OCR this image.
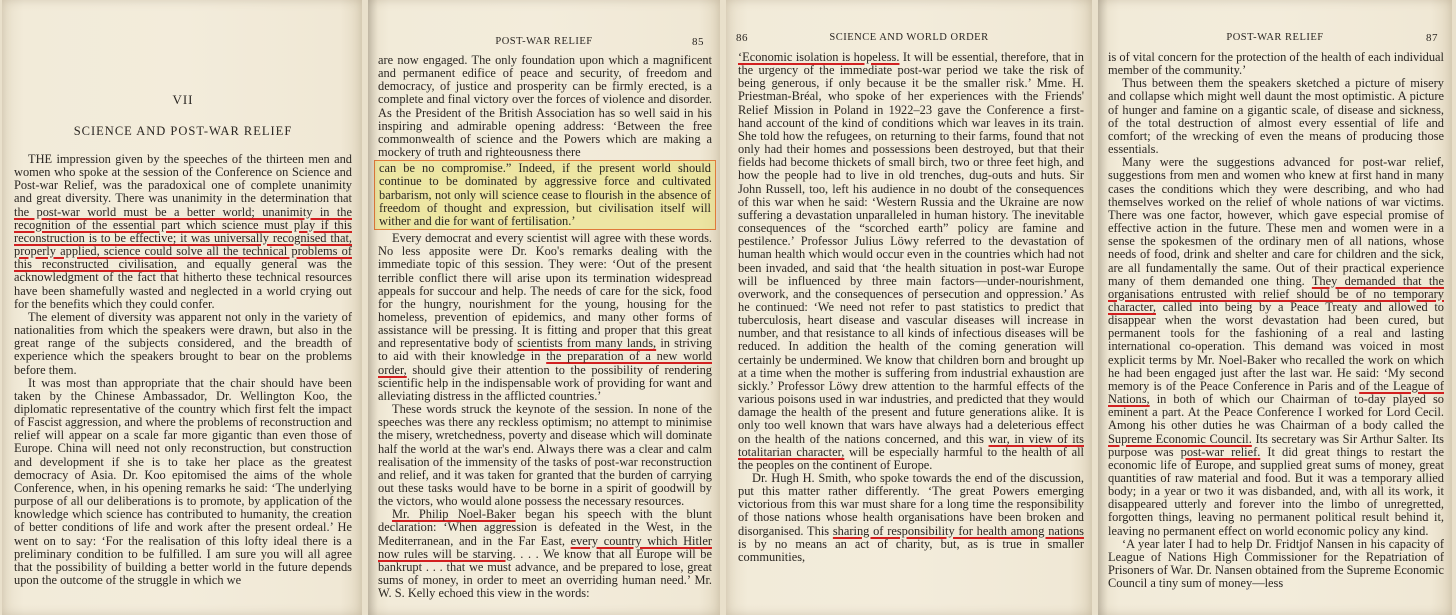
VII
SCIENCE AND POST-WAR RELIEF

THE impression given by the speeches of the thirteen men and women who spoke at the session of the Conference on Science and Post-war Relief, was the paradoxical one of complete unanimity and great diversity. There was unanimity in the determination that the post-war world must be a better world; unanimity in the recognition of the essential part which science must play if this reconstruction is to be effective; it was universally recognised that, properly applied, science could solve all the technical problems of this reconstructed civilisation, and equally general was the acknowledgment of the fact that hitherto these technical resources have been shamefully wasted and neglected in a world crying out for the benefits which they could confer.

The element of diversity was apparent not only in the variety of nationalities from which the speakers were drawn, but also in the great range of the subjects considered, and the breadth of experience which the speakers brought to bear on the problems before them.

It was most than appropriate that the chair should have been taken by the Chinese Ambassador, Dr. Wellington Koo, the diplomatic representative of the country which first felt the impact of Fascist aggression, and where the problems of reconstruction and relief will appear on a scale far more gigantic than even those of Europe. China will need not only reconstruction, but construction and development if she is to take her place as the greatest democracy of Asia. Dr. Koo epitomised the aims of the whole Conference, when, in his opening remarks he said: ‘The underlying purpose of all our deliberations is to promote, by application of the knowledge which science has contributed to humanity, the creation of better conditions of life and work after the present ordeal.’ He went on to say: ‘For the realisation of this lofty ideal there is a preliminary condition to be fulfilled. I am sure you will all agree that the possibility of building a better world in the future depends upon the outcome of the struggle in which we

POST-WAR RELIEF	85

are now engaged. The only foundation upon which a magnificent and permanent edifice of peace and security, of freedom and democracy, of justice and prosperity can be firmly erected, is a complete and final victory over the forces of violence and disorder. As the President of the British Association has so well said in his inspiring and admirable opening address: ‘Between the free commonwealth of science and the Powers which are making a mockery of truth and righteousness there
can be no compromise.” Indeed, if the present world should continue to be dominated by aggressive force and cultivated barbarism, not only will science cease to flourish in the absence of freedom of thought and expression, but civilisation itself will wither and die for want of fertilisation.’

Every democrat and every scientist will agree with these words. No less apposite were Dr. Koo's remarks dealing with the immediate topic of this session. They were: ‘Out of the present terrible conflict there will arise upon its termination widespread appeals for succour and help. The needs of care for the sick, food for the hungry, nourishment for the young, housing for the homeless, prevention of epidemics, and many other forms of assistance will be pressing. It is fitting and proper that this great and representative body of scientists from many lands, in striving to aid with their knowledge in the preparation of a new world order, should give their attention to the possibility of rendering scientific help in the indispensable work of providing for want and alleviating distress in the afflicted countries.’

These words struck the keynote of the session. In none of the speeches was there any reckless optimism; no attempt to minimise the misery, wretchedness, poverty and disease which will dominate half the world at the war's end. Always there was a clear and calm realisation of the immensity of the tasks of post-war reconstruction and relief, and it was taken for granted that the burden of carrying out these tasks would have to be borne in a spirit of goodwill by the victors, who would alone possess the necessary resources.

Mr. Philip Noel-Baker began his speech with the blunt declaration: ‘When aggression is defeated in the West, in the Mediterranean, and in the Far East, every country which Hitler now rules will be starving. . . . We know that all Europe will be bankrupt . . . that we must advance, and be prepared to lose, great sums of money, in order to meet an overriding human need.’ Mr. W. S. Kelly echoed this view in the words:

86	SCIENCE AND WORLD ORDER

‘Economic isolation is hopeless. It will be essential, therefore, that in the urgency of the immediate post-war period we take the risk of being generous, if only because it be the smaller risk.’ Mme. H. Priestman-Bréal, who spoke of her experiences with the Friends' Relief Mission in Poland in 1922–23 gave the Conference a first-hand account of the kind of conditions which war leaves in its train. She told how the refugees, on returning to their farms, found that not only had their homes and possessions been destroyed, but that their fields had become thickets of small birch, two or three feet high, and how the people had to live in old trenches, dug-outs and huts. Sir John Russell, too, left his audience in no doubt of the consequences of this war when he said: ‘Western Russia and the Ukraine are now suffering a devastation unparalleled in human history. The inevitable consequences of the “scorched earth” policy are famine and pestilence.’ Professor Julius Löwy referred to the devastation of human health which would occur even in the countries which had not been invaded, and said that ‘the health situation in post-war Europe will be influenced by three main factors—under-nourishment, overwork, and the consequences of persecution and oppression.’ As he continued: ‘We need not refer to past statistics to predict that tuberculosis, heart disease and vascular diseases will increase in number, and that resistance to all kinds of infectious diseases will be reduced. In addition the health of the coming generation will certainly be undermined. We know that children born and brought up at a time when the mother is suffering from industrial exhaustion are sickly.’ Professor Löwy drew attention to the harmful effects of the various poisons used in war industries, and predicted that they would damage the health of the present and future generations alike. It is only too well known that wars have always had a deleterious effect on the health of the nations concerned, and this war, in view of its totalitarian character, will be especially harmful to the health of all the peoples on the continent of Europe.

Dr. Hugh H. Smith, who spoke towards the end of the discussion, put this matter rather differently. ‘The great Powers emerging victorious from this war must share for a long time the responsibility of those nations whose health organisations have been broken and disorganised. This sharing of responsibility for health among nations is by no means an act of charity, but, as is true in smaller communities,

POST-WAR RELIEF	87

is of vital concern for the protection of the health of each individual member of the community.’

Thus between them the speakers sketched a picture of misery and collapse which might well daunt the most optimistic. A picture of hunger and famine on a gigantic scale, of disease and sickness, of the total destruction of almost every essential of life and comfort; of the wrecking of even the means of producing those essentials.

Many were the suggestions advanced for post-war relief, suggestions from men and women who knew at first hand in many cases the conditions which they were describing, and who had themselves worked on the relief of whole nations of war victims. There was one factor, however, which gave especial promise of effective action in the future. These men and women were in a sense the spokesmen of the ordinary men of all nations, whose needs of food, drink and shelter and care for children and the sick, are all fundamentally the same. Out of their practical experience many of them demanded one thing. They demanded that the organisations entrusted with relief should be of no temporary character, called into being by a Peace Treaty and allowed to disappear when the worst devastation had been cured, but permanent tools for the fashioning of a real and lasting international co-operation. This demand was voiced in most explicit terms by Mr. Noel-Baker who recalled the work on which he had been engaged just after the last war. He said: ‘My second memory is of the Peace Conference in Paris and of the League of Nations, in both of which our Chairman of to-day played so eminent a part. At the Peace Conference I worked for Lord Cecil. Among his other duties he was Chairman of a body called the Supreme Economic Council. Its secretary was Sir Arthur Salter. Its purpose was post-war relief. It did great things to restart the economic life of Europe, and supplied great sums of money, great quantities of raw material and food. But it was a temporary allied body; in a year or two it was disbanded, and, with all its work, it disappeared utterly and forever into the limbo of unregretted, forgotten things, leaving no permanent political result behind it, leaving no permanent effect on world economic policy any kind.

‘A year later I had to help Dr. Fridtjof Nansen in his capacity of League of Nations High Commissioner for the Repatriation of Prisoners of War. Dr. Nansen obtained from the Supreme Economic Council a tiny sum of money—less
